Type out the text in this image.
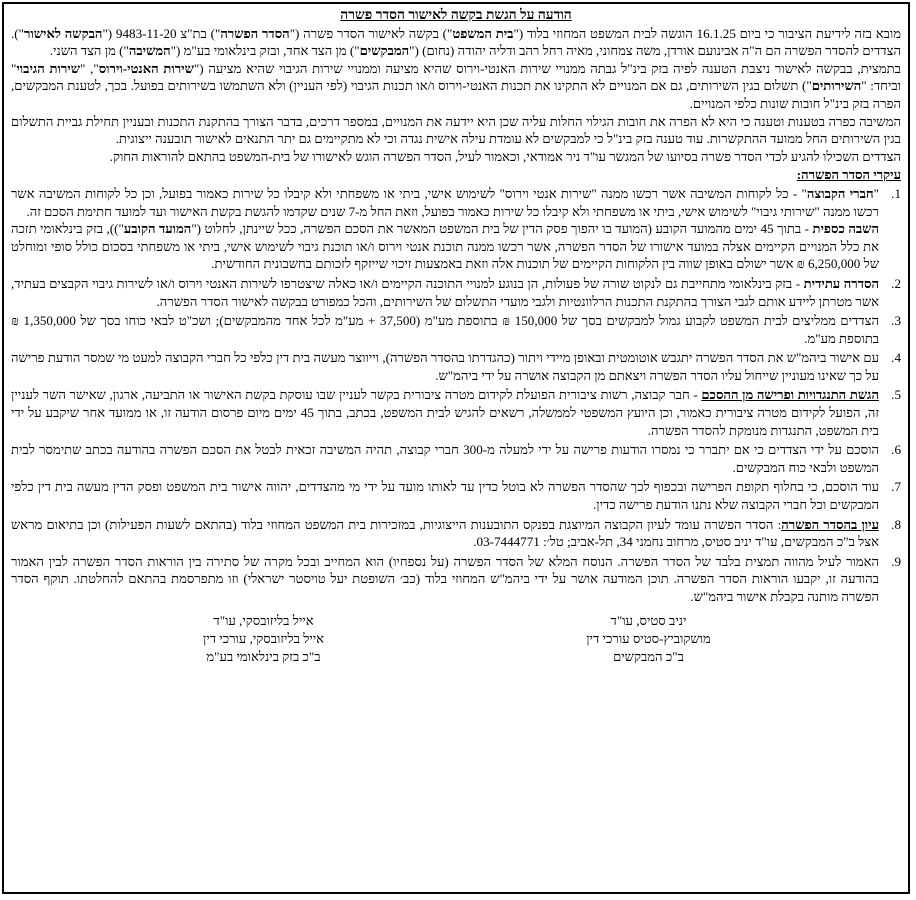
הודעה על הגשת בקשה לאישור הסדר פשרה

מובא בזה לידיעת הציבור כי ביום 16.1.25 הוגשה לבית המשפט המחוזי בלוד ("בית המשפט") בקשה לאישור הסדר פשרה ("הסדר הפשרה") בת"צ 9483-11-20 ("הבקשה לאישור"). הצדדים להסדר הפשרה הם ה"ה אבינועם אורדן, משה צמחוני, מאיה רחל רהב ודליה יהודה (נחום) ("המבקשים") מן הצד אחד, ובזק בינלאומי בע"מ ("המשיבה") מן הצד השני.

בתמצית, בבקשה לאישור ניצבת הטענה לפיה בזק בינ"ל גבתה ממנויי שירות האנטי-וירוס שהיא מציעה וממנויי שירות הגיבוי שהיא מציעה ("שירות האנטי-וירוס", "שירות הגיבוי" וביחד: "השירותים") תשלום בגין השירותים, גם אם המנויים לא התקינו את תכנות האנטי-וירוס ו/או תכנות הגיבוי (לפי העניין) ולא השתמשו בשירותים בפועל. בכך, לטענת המבקשים, הפרה בזק בינ"ל חובות שונות כלפי המנויים.

המשיבה כפרה בטענות וטענה כי היא לא הפרה את חובות הגילוי החלות עליה שכן היא יידעה את המנויים, במספר דרכים, בדבר הצורך בהתקנת התכנות ובעניין תחילת גביית התשלום בגין השירותים החל ממועד ההתקשרות. עוד טענה בזק בינ"ל כי למבקשים לא עומדת עילה אישית נגדה וכי לא מתקיימים גם יתר התנאים לאישור תובענה ייצוגית.

הצדדים השכילו להגיע לכדי הסדר פשרה בסיועו של המגשר עו"ד ניר אמודאי, וכאמור לעיל, הסדר הפשרה הוגש לאישורו של בית-המשפט בהתאם להוראות החוק.

עיקרי הסדר הפשרה:
1.

"חברי הקבוצה" - כל לקוחות המשיבה אשר רכשו ממנה "שירות אנטי וירוס" לשימוש אישי, ביתי או משפחתי ולא קיבלו כל שירות כאמור בפועל, וכן כל לקוחות המשיבה אשר רכשו ממנה "שירותי גיבוי" לשימוש אישי, ביתי או משפחתי ולא קיבלו כל שירות כאמור בפועל, וזאת החל מ-7 שנים שקדמו להגשת בקשת האישור ועד למועד חתימת הסכם זה.

השבה כספית - בתוך 45 ימים מהמועד הקובע (המועד בו יהפוך פסק הדין של בית המשפט המאשר את הסכם הפשרה, ככל שיינתן, לחלוט ("המועד הקובע")), בזק בינלאומי תזכה את כלל המנויים הקיימים אצלה במועד אישורו של הסדר הפשרה, אשר רכשו ממנה תוכנת אנטי וירוס ו/או תוכנת גיבוי לשימוש אישי, ביתי או משפחתי בסכום כולל סופי ומוחלט של 6,250,000 ₪ אשר ישולם באופן שווה בין הלקוחות הקיימים של תוכנות אלה וזאת באמצעות זיכוי שייזקף לזכותם בחשבונית החודשית.

2.

הסדרה עתידית - בזק בינלאומי מתחייבת גם לנקוט שורה של פעולות, הן בנוגע למנויי התוכנה הקיימים ו/או כאלה שיצטרפו לשירות האנטי וירוס ו/או לשירות גיבוי הקבצים בעתיד, אשר מטרתן ליידע אותם לגבי הצורך בהתקנת התכנות הרלוונטיות ולגבי מועדי התשלום של השירותים, והכל כמפורט בבקשה לאישור הסדר הפשרה.

3.

הצדדים ממליצים לבית המשפט לקבוע גמול למבקשים בסך של 150,000 ₪ בתוספת מע"מ (37,500 + מע"מ לכל אחד מהמבקשים); ושכ"ט לבאי כוחו בסך של 1,350,000 ₪ בתוספת מע"מ.

4.

עם אישור ביהמ"ש את הסדר הפשרה יתגבש אוטומטית ובאופן מיידי ויתור (כהגדרתו בהסדר הפשרה), וייווצר מעשה בית דין כלפי כל חברי הקבוצה למעט מי שמסר הודעת פרישה על כך שאינו מעוניין שייחול עליו הסדר הפשרה ויצאתם מן הקבוצה אושרה על ידי ביהמ"ש.

5.

הגשת התנגדויות ופרישה מן ההסכם - חבר קבוצה, רשות ציבורית הפועלת לקידום מטרה ציבורית בקשר לעניין שבו עוסקת בקשת האישור או התביעה, ארגון, שאישר השר לעניין זה, הפועל לקידום מטרה ציבורית כאמור, וכן היועץ המשפטי לממשלה, רשאים להגיש לבית המשפט, בכתב, בתוך 45 ימים מיום פרסום הודעה זו, או ממועד אחר שיקבע על ידי בית המשפט, התנגדות מנומקת להסדר הפשרה.

6.

הוסכם על ידי הצדדים כי אם יתברר כי נמסרו הודעות פרישה על ידי למעלה מ-300 חברי קבוצה, תהיה המשיבה זכאית לבטל את הסכם הפשרה בהודעה בכתב שתימסר לבית המשפט ולבאי כוח המבקשים.

7.

עוד הוסכם, כי בחלוף תקופת הפרישה ובכפוף לכך שהסדר הפשרה לא בוטל כדין עד לאותו מועד על ידי מי מהצדדים, יהווה אישור בית המשפט ופסק הדין מעשה בית דין כלפי המבקשים וכל חברי הקבוצה שלא נתנו הודעת פרישה כדין.

8.

עיון בהסדר הפשרה: הסדר הפשרה עומד לעיון הקבוצה המיוצגת בפנקס התובענות הייצוגיות, במזכירות בית המשפט המחוזי בלוד (בהתאם לשעות הפעילות) וכן בתיאום מראש אצל ב"כ המבקשים, עו"ד יניב סטיס, מרחוב נחמני 34, תל-אביב; טל׳: 03-7444771.

9.

האמור לעיל מהווה תמצית בלבד של הסדר הפשרה. הנוסח המלא של הסדר הפשרה (על נספחיו) הוא המחייב ובכל מקרה של סתירה בין הוראות הסדר הפשרה לבין האמור בהודעה זו, יקבעו הוראות הסדר הפשרה. תוכן המודעה אושר על ידי ביהמ"ש המחוזי בלוד (כב׳ השופטת יעל טויסטר ישראלי) וזו מתפרסמת בהתאם להחלטתו. תוקף הסדר הפשרה מותנה בקבלת אישור ביהמ"ש.

יניב סטיס, עו"ד
מושקוביץ-סטיס עורכי דין
ב"כ המבקשים
אייל בליזובסקי, עו"ד
אייל בליזובסקי, עורכי דין
ב"כ בזק בינלאומי בע"מ
